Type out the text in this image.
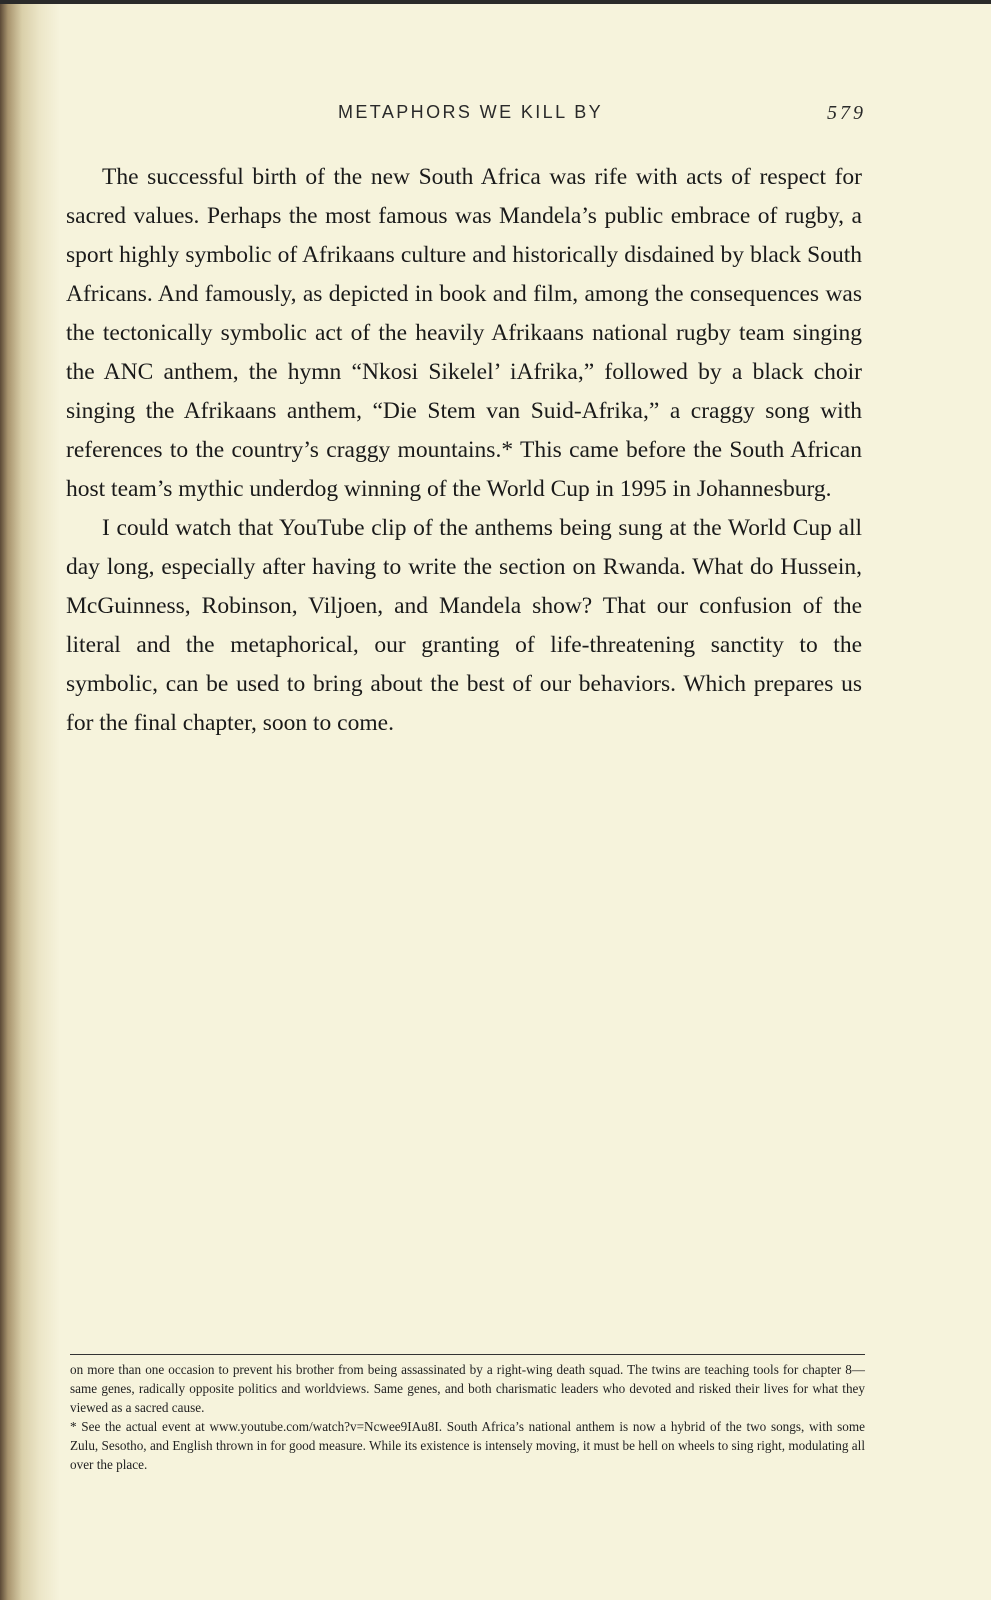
METAPHORS WE KILL BY	579

The successful birth of the new South Africa was rife with acts of respect for sacred values. Perhaps the most famous was Mandela’s public embrace of rugby, a sport highly symbolic of Afrikaans culture and historically disdained by black South Africans. And famously, as depicted in book and film, among the consequences was the tectonically symbolic act of the heavily Afrikaans national rugby team singing the ANC anthem, the hymn “Nkosi Sikelel’ iAfrika,” followed by a black choir singing the Afrikaans anthem, “Die Stem van Suid-Afrika,” a craggy song with references to the country’s craggy mountains.* This came before the South African host team’s mythic underdog winning of the World Cup in 1995 in Johannesburg.

I could watch that YouTube clip of the anthems being sung at the World Cup all day long, especially after having to write the section on Rwanda. What do Hussein, McGuinness, Robinson, Viljoen, and Mandela show? That our confusion of the literal and the metaphorical, our granting of life-threatening sanctity to the symbolic, can be used to bring about the best of our behaviors. Which prepares us for the final chapter, soon to come.

on more than one occasion to prevent his brother from being assassinated by a right-wing death squad. The twins are teaching tools for chapter 8—same genes, radically opposite politics and worldviews. Same genes, and both charismatic leaders who devoted and risked their lives for what they viewed as a sacred cause.

* See the actual event at www.youtube.com/watch?v=Ncwee9IAu8I. South Africa’s national anthem is now a hybrid of the two songs, with some Zulu, Sesotho, and English thrown in for good measure. While its existence is intensely moving, it must be hell on wheels to sing right, modulating all over the place.
